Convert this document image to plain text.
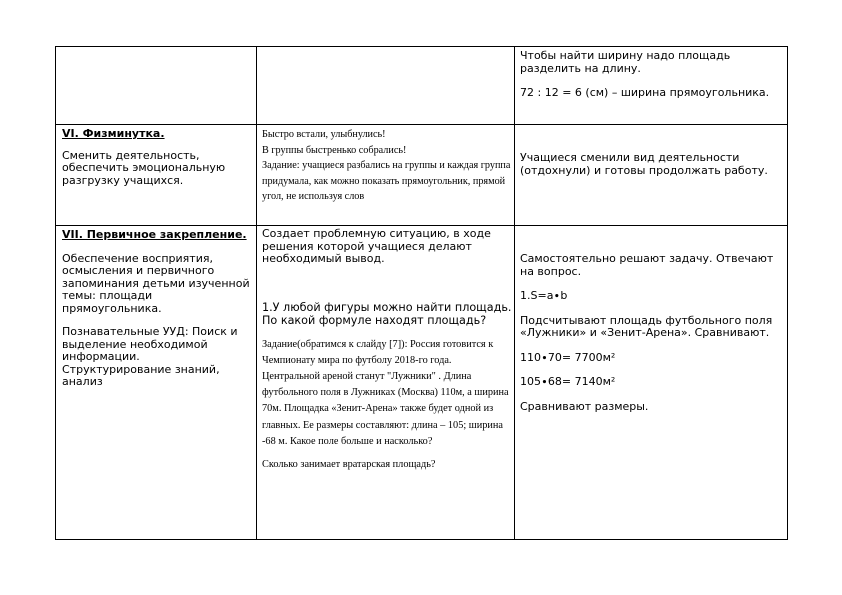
Чтобы найти ширину надо площадь разделить на длину.

72 : 12 = 6 (см) – ширина прямоугольника.

VI. Физминутка.

Сменить деятельность, обеспечить эмоциональную разгрузку учащихся.

Быстро встали, улыбнулись!

В группы быстренько собрались!

Задание: учащиеся разбались на группы и каждая группа придумала, как можно показать прямоугольник, прямой угол, не используя слов

Учащиеся сменили вид деятельности (отдохнули) и готовы продолжать работу.

VII. Первичное закрепление.

Обеспечение восприятия, осмысления и первичного запоминания детьми изученной темы: площади прямоугольника.

Познавательные УУД: Поиск и выделение необходимой информации. Структурирование знаний, анализ

Создает проблемную ситуацию, в ходе решения которой учащиеся делают необходимый вывод.

1.У любой фигуры можно найти площадь. По какой формуле находят площадь?

Задание(обратимся к слайду [7]): Россия готовится к Чемпионату мира по футболу 2018-го года. Центральной ареной станут "Лужники" . Длина футбольного поля в Лужниках (Москва) 110м, а ширина 70м. Площадка «Зенит-Арена» также будет одной из главных. Ее размеры составляют: длина – 105; ширина -68 м. Какое поле больше и насколько?

Сколько занимает вратарская площадь?

Самостоятельно решают задачу. Отвечают на вопрос.

1.S=a∙b

Подсчитывают площадь футбольного поля «Лужники» и «Зенит-Арена». Сравнивают.

110∙70= 7700м²

105∙68= 7140м²

Сравнивают размеры.
